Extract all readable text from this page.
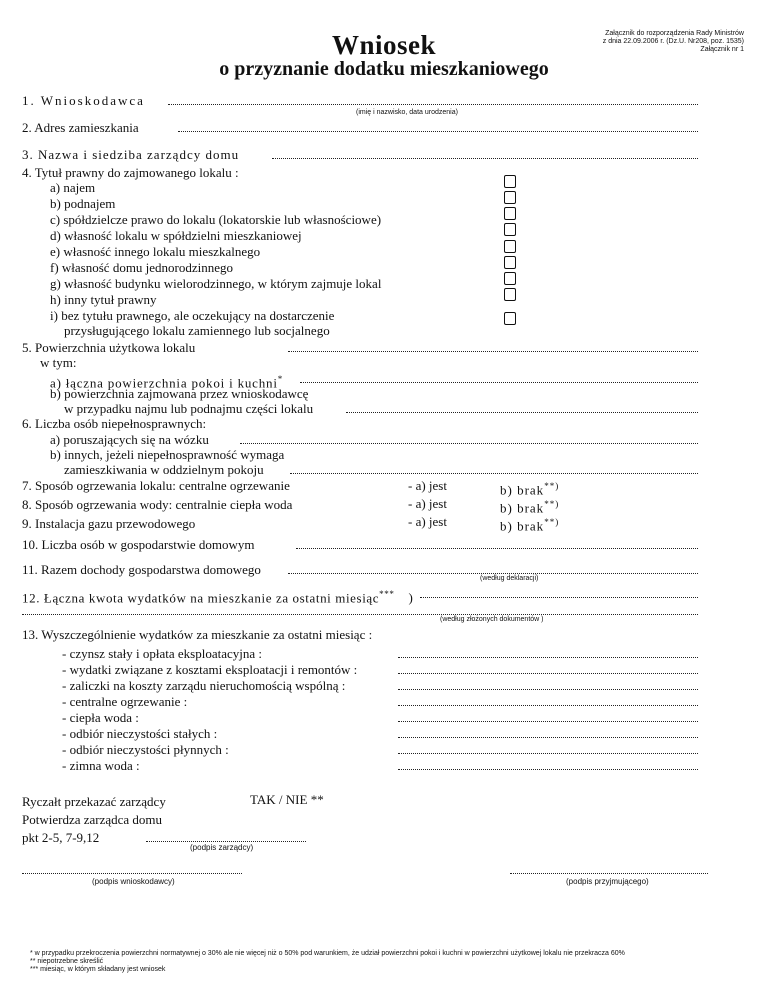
Wniosek
o przyznanie dodatku mieszkaniowego
Załącznik do rozporządzenia Rady Ministrów
z dnia 22.09.2006 r. (Dz.U. Nr208, poz. 1535)
Załącznik nr 1
1. Wnioskodawca
(imię i nazwisko, data urodzenia)
2. Adres zamieszkania
3. Nazwa i siedziba zarządcy domu
4. Tytuł prawny do zajmowanego lokalu :
a) najem
b) podnajem
c) spółdzielcze prawo do lokalu (lokatorskie lub własnościowe)
d) własność lokalu w spółdzielni mieszkaniowej
e) własność innego lokalu mieszkalnego
f) własność domu jednorodzinnego
g) własność budynku wielorodzinnego, w którym zajmuje lokal
h) inny tytuł prawny
i) bez tytułu prawnego, ale oczekujący na dostarczenie
przysługującego lokalu zamiennego lub socjalnego
5. Powierzchnia użytkowa lokalu
w tym:
a) łączna powierzchnia pokoi i kuchni*
b) powierzchnia zajmowana przez wnioskodawcę
w przypadku najmu lub podnajmu części lokalu
6. Liczba osób niepełnosprawnych:
a) poruszających się na wózku
b) innych, jeżeli niepełnosprawność wymaga
zamieszkiwania w oddzielnym pokoju
7. Sposób ogrzewania lokalu: centralne ogrzewanie	- a) jest	b) brak**)
8. Sposób ogrzewania wody: centralnie ciepła woda	- a) jest	b) brak**)
9. Instalacja gazu przewodowego	- a) jest	b) brak**)
10. Liczba osób w gospodarstwie domowym
11. Razem dochody gospodarstwa domowego
(według deklaracji)
12. Łączna kwota wydatków na mieszkanie za ostatni miesiąc*** )
(według złożonych dokumentów )
13. Wyszczególnienie wydatków za mieszkanie za ostatni miesiąc :
- czynsz stały i opłata eksploatacyjna :
- wydatki związane z kosztami eksploatacji i remontów :
- zaliczki na koszty zarządu nieruchomością wspólną :
- centralne ogrzewanie :
- ciepła woda :
- odbiór nieczystości stałych :
- odbiór nieczystości płynnych :
- zimna woda :
Ryczałt przekazać zarządcy	TAK / NIE **
Potwierdza zarządca domu
pkt 2-5, 7-9,12
(podpis zarządcy)
(podpis wnioskodawcy)	(podpis przyjmującego)
* w przypadku przekroczenia powierzchni normatywnej o 30% ale nie więcej niż o 50% pod warunkiem, że udział powierzchni pokoi i kuchni w powierzchni użytkowej lokalu nie przekracza 60%
** niepotrzebne skreślić
*** miesiąc, w którym składany jest wniosek
